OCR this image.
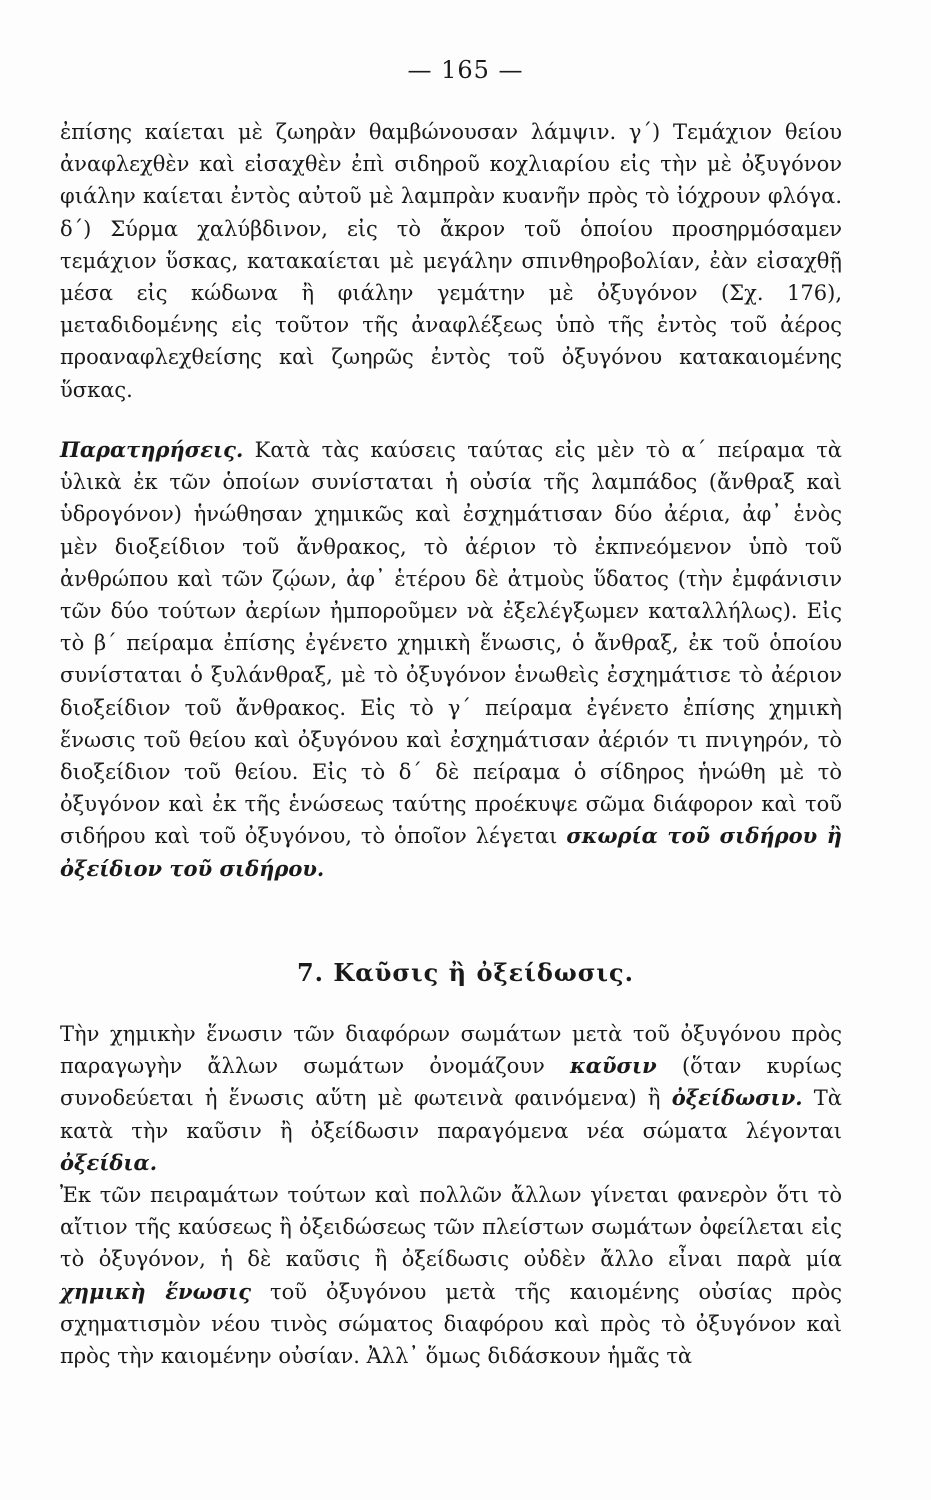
— 165 —

ἐπίσης καίεται μὲ ζωηρὰν θαμβώνουσαν λάμψιν. γ΄) Τεμάχιον θείου ἀναφλεχθὲν καὶ εἰσαχθὲν ἐπὶ σιδηροῦ κοχλιαρίου εἰς τὴν μὲ ὀξυγόνον φιάλην καίεται ἐντὸς αὐτοῦ μὲ λαμπρὰν κυανῆν πρὸς τὸ ἰόχρουν φλόγα. δ΄) Σύρμα χαλύβδινον, εἰς τὸ ἄκρον τοῦ ὁποίου προσηρμόσαμεν τεμάχιον ὕσκας, κατακαίεται μὲ μεγάλην σπινθηροβολίαν, ἐὰν εἰσαχθῇ μέσα εἰς κώδωνα ἢ φιάλην γεμάτην μὲ ὀξυγόνον (Σχ. 176), μεταδιδομένης εἰς τοῦτον τῆς ἀναφλέξεως ὑπὸ τῆς ἐντὸς τοῦ ἀέρος προαναφλεχθείσης καὶ ζωηρῶς ἐντὸς τοῦ ὀξυγόνου κατακαιομένης ὕσκας.

Παρατηρήσεις. Κατὰ τὰς καύσεις ταύτας εἰς μὲν τὸ α΄ πείραμα τὰ ὑλικὰ ἐκ τῶν ὁποίων συνίσταται ἡ οὐσία τῆς λαμπάδος (ἄνθραξ καὶ ὑδρογόνον) ἡνώθησαν χημικῶς καὶ ἐσχημάτισαν δύο ἀέρια, ἀφ᾽ ἑνὸς μὲν διοξείδιον τοῦ ἄνθρακος, τὸ ἀέριον τὸ ἐκπνεόμενον ὑπὸ τοῦ ἀνθρώπου καὶ τῶν ζῴων, ἀφ᾽ ἑτέρου δὲ ἀτμοὺς ὕδατος (τὴν ἐμφάνισιν τῶν δύο τούτων ἀερίων ἠμποροῦμεν νὰ ἐξελέγξωμεν καταλλήλως). Εἰς τὸ β΄ πείραμα ἐπίσης ἐγένετο χημικὴ ἕνωσις, ὁ ἄνθραξ, ἐκ τοῦ ὁποίου συνίσταται ὁ ξυλάνθραξ, μὲ τὸ ὀξυγόνον ἑνωθεὶς ἐσχημάτισε τὸ ἀέριον διοξείδιον τοῦ ἄνθρακος. Εἰς τὸ γ΄ πείραμα ἐγένετο ἐπίσης χημικὴ ἕνωσις τοῦ θείου καὶ ὀξυγόνου καὶ ἐσχημάτισαν ἀέριόν τι πνιγηρόν, τὸ διοξείδιον τοῦ θείου. Εἰς τὸ δ΄ δὲ πείραμα ὁ σίδηρος ἡνώθη μὲ τὸ ὀξυγόνον καὶ ἐκ τῆς ἑνώσεως ταύτης προέκυψε σῶμα διάφορον καὶ τοῦ σιδήρου καὶ τοῦ ὀξυγόνου, τὸ ὁποῖον λέγεται σκωρία τοῦ σιδήρου ἢ ὀξείδιον τοῦ σιδήρου.

7. Καῦσις ἢ ὀξείδωσις.

Τὴν χημικὴν ἕνωσιν τῶν διαφόρων σωμάτων μετὰ τοῦ ὀξυγόνου πρὸς παραγωγὴν ἄλλων σωμάτων ὀνομάζουν καῦσιν (ὅταν κυρίως συνοδεύεται ἡ ἕνωσις αὕτη μὲ φωτεινὰ φαινόμενα) ἢ ὀξείδωσιν. Τὰ κατὰ τὴν καῦσιν ἢ ὀξείδωσιν παραγόμενα νέα σώματα λέγονται ὀξείδια.

Ἐκ τῶν πειραμάτων τούτων καὶ πολλῶν ἄλλων γίνεται φανερὸν ὅτι τὸ αἴτιον τῆς καύσεως ἢ ὀξειδώσεως τῶν πλείστων σωμάτων ὀφείλεται εἰς τὸ ὀξυγόνον, ἡ δὲ καῦσις ἢ ὀξείδωσις οὐδὲν ἄλλο εἶναι παρὰ μία χημικὴ ἕνωσις τοῦ ὀξυγόνου μετὰ τῆς καιομένης οὐσίας πρὸς σχηματισμὸν νέου τινὸς σώματος διαφόρου καὶ πρὸς τὸ ὀξυγόνον καὶ πρὸς τὴν καιομένην οὐσίαν. Ἀλλ᾽ ὅμως διδάσκουν ἡμᾶς τὰ
